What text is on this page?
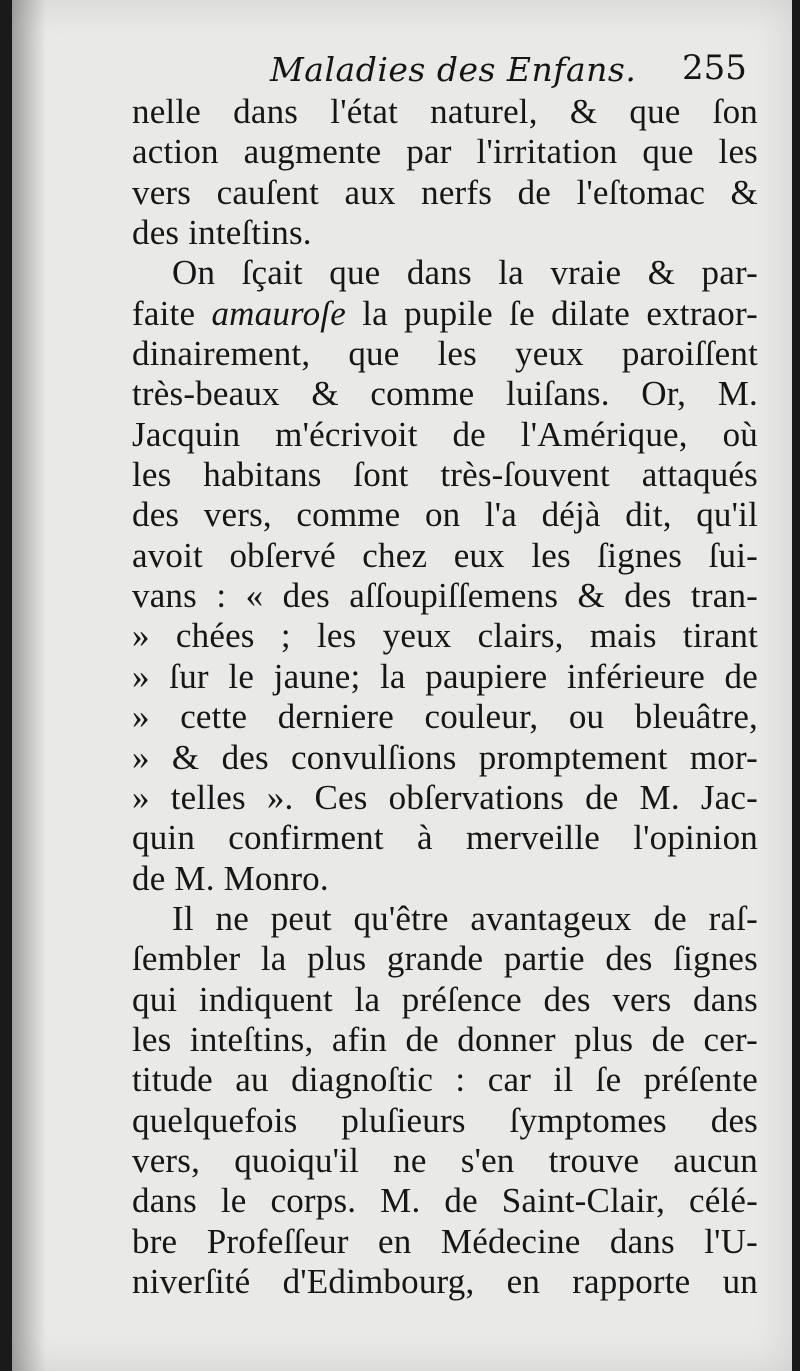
Maladies des Enfans. 255
nelle dans l'état naturel, & que ſon
action augmente par l'irritation que les
vers cauſent aux nerfs de l'eſtomac &
des inteſtins.
On ſçait que dans la vraie & par-
faite amauroſe la pupile ſe dilate extraor-
dinairement, que les yeux paroiſſent
très-beaux & comme luiſans. Or, M.
Jacquin m'écrivoit de l'Amérique, où
les habitans ſont très-ſouvent attaqués
des vers, comme on l'a déjà dit, qu'il
avoit obſervé chez eux les ſignes ſui-
vans : « des aſſoupiſſemens & des tran-
» chées ; les yeux clairs, mais tirant
» ſur le jaune; la paupiere inférieure de
» cette derniere couleur, ou bleuâtre,
» & des convulſions promptement mor-
» telles ». Ces obſervations de M. Jac-
quin confirment à merveille l'opinion
de M. Monro.
Il ne peut qu'être avantageux de raſ-
ſembler la plus grande partie des ſignes
qui indiquent la préſence des vers dans
les inteſtins, afin de donner plus de cer-
titude au diagnoſtic : car il ſe préſente
quelquefois pluſieurs ſymptomes des
vers, quoiqu'il ne s'en trouve aucun
dans le corps. M. de Saint-Clair, célé-
bre Profeſſeur en Médecine dans l'U-
niverſité d'Edimbourg, en rapporte un
